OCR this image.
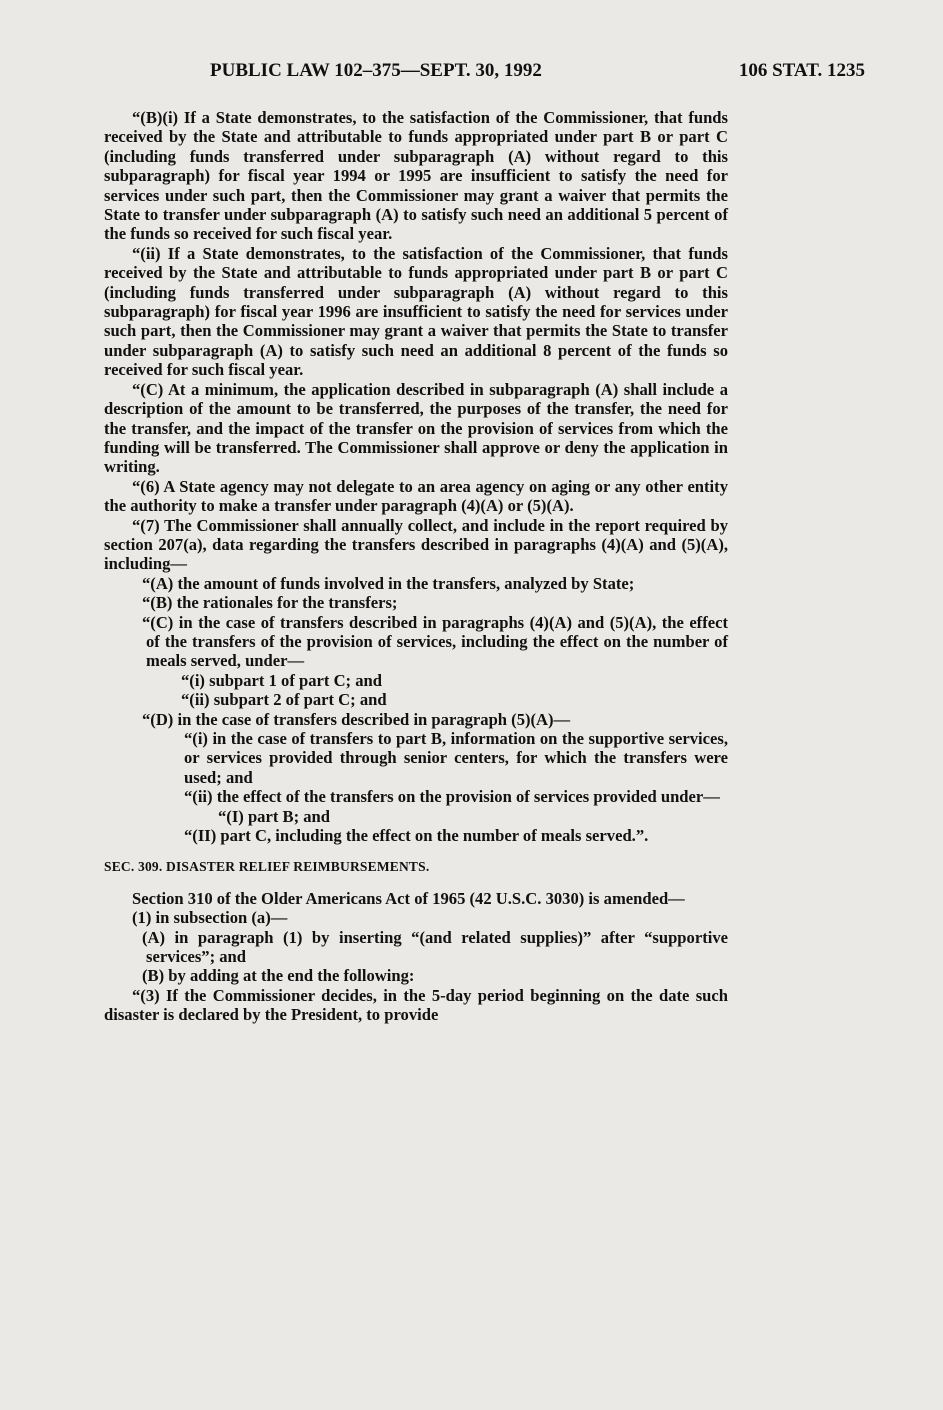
PUBLIC LAW 102–375—SEPT. 30, 1992	106 STAT. 1235

“(B)(i) If a State demonstrates, to the satisfaction of the Commissioner, that funds received by the State and attributable to funds appropriated under part B or part C (including funds transferred under subparagraph (A) without regard to this subparagraph) for fiscal year 1994 or 1995 are insufficient to satisfy the need for services under such part, then the Commissioner may grant a waiver that permits the State to transfer under subparagraph (A) to satisfy such need an additional 5 percent of the funds so received for such fiscal year.

“(ii) If a State demonstrates, to the satisfaction of the Commissioner, that funds received by the State and attributable to funds appropriated under part B or part C (including funds transferred under subparagraph (A) without regard to this subparagraph) for fiscal year 1996 are insufficient to satisfy the need for services under such part, then the Commissioner may grant a waiver that permits the State to transfer under subparagraph (A) to satisfy such need an additional 8 percent of the funds so received for such fiscal year.

“(C) At a minimum, the application described in subparagraph (A) shall include a description of the amount to be transferred, the purposes of the transfer, the need for the transfer, and the impact of the transfer on the provision of services from which the funding will be transferred. The Commissioner shall approve or deny the application in writing.

“(6) A State agency may not delegate to an area agency on aging or any other entity the authority to make a transfer under paragraph (4)(A) or (5)(A).

“(7) The Commissioner shall annually collect, and include in the report required by section 207(a), data regarding the transfers described in paragraphs (4)(A) and (5)(A), including—

“(A) the amount of funds involved in the transfers, analyzed by State;

“(B) the rationales for the transfers;

“(C) in the case of transfers described in paragraphs (4)(A) and (5)(A), the effect of the transfers of the provision of services, including the effect on the number of meals served, under—

“(i) subpart 1 of part C; and

“(ii) subpart 2 of part C; and

“(D) in the case of transfers described in paragraph (5)(A)—

“(i) in the case of transfers to part B, information on the supportive services, or services provided through senior centers, for which the transfers were used; and

“(ii) the effect of the transfers on the provision of services provided under—

“(I) part B; and

“(II) part C, including the effect on the number of meals served.”.

SEC. 309. DISASTER RELIEF REIMBURSEMENTS.

Section 310 of the Older Americans Act of 1965 (42 U.S.C. 3030) is amended—

(1) in subsection (a)—

(A) in paragraph (1) by inserting “(and related supplies)” after “supportive services”; and

(B) by adding at the end the following:

“(3) If the Commissioner decides, in the 5-day period beginning on the date such disaster is declared by the President, to provide
